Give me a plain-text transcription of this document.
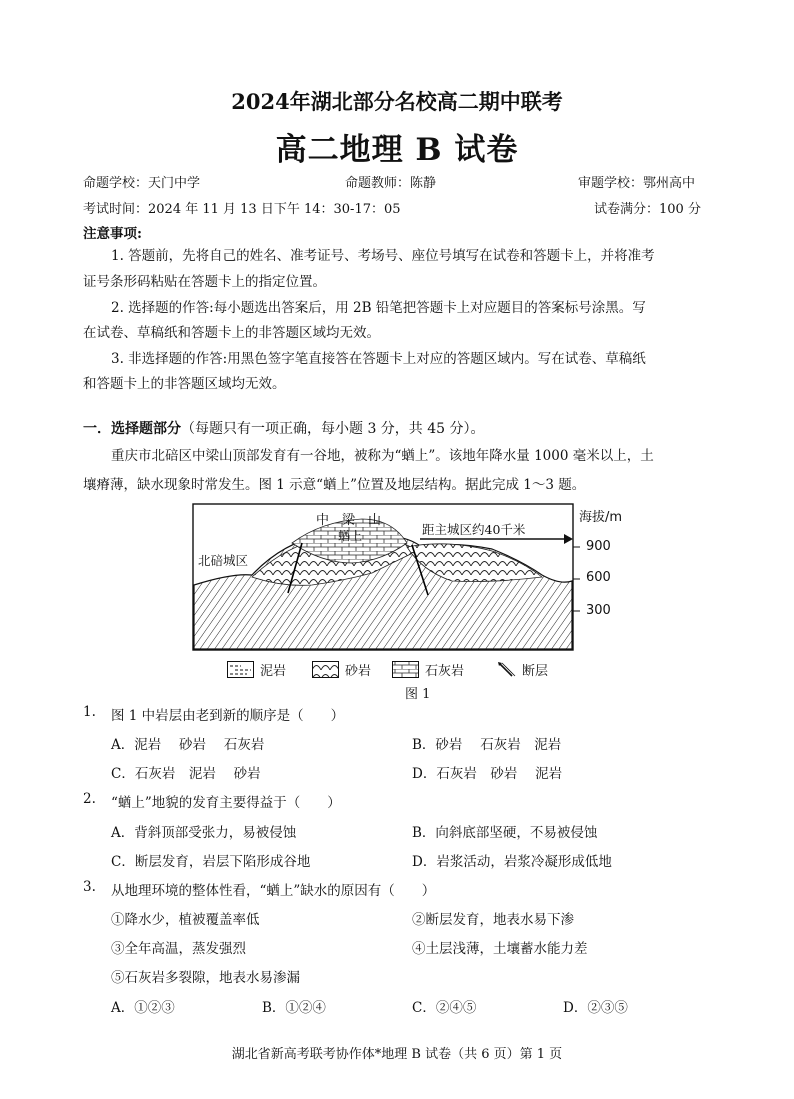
2024年湖北部分名校高二期中联考
高二地理 B 试卷
命题学校：天门中学	命题教师：陈静	审题学校：鄂州高中
考试时间：2024 年 11 月 13 日下午 14：30-17：05	试卷满分：100 分
注意事项:
1. 答题前，先将自己的姓名、准考证号、考场号、座位号填写在试卷和答题卡上，并将准考
证号条形码粘贴在答题卡上的指定位置。
2. 选择题的作答:每小题选出答案后，用 2B 铅笔把答题卡上对应题目的答案标号涂黑。写
在试卷、草稿纸和答题卡上的非答题区域均无效。
3. 非选择题的作答:用黑色签字笔直接答在答题卡上对应的答题区域内。写在试卷、草稿纸
和答题卡上的非答题区域均无效。
一．选择题部分（每题只有一项正确，每小题 3 分，共 45 分）。
重庆市北碚区中梁山顶部发育有一谷地，被称为“蝤上”。该地年降水量 1000 毫米以上，土
壤瘠薄，缺水现象时常发生。图 1 示意“蝤上”位置及地层结构。据此完成 1～3 题。
中　梁　山
蝤上	距主城区约40千米
北碚城区
海拔/m
900
600
300
泥岩	砂岩	石灰岩	断层
图 1
1. 图 1 中岩层由老到新的顺序是（　　）
A．泥岩　 砂岩　 石灰岩	B．砂岩　 石灰岩　泥岩
C．石灰岩　泥岩　 砂岩	D．石灰岩　砂岩　 泥岩
2. “蝤上”地貌的发育主要得益于（　　）
A．背斜顶部受张力，易被侵蚀	B．向斜底部坚硬，不易被侵蚀
C．断层发育，岩层下陷形成谷地	D．岩浆活动，岩浆冷凝形成低地
3. 从地理环境的整体性看，“蝤上”缺水的原因有（　　）
①降水少，植被覆盖率低	②断层发育，地表水易下渗
③全年高温，蒸发强烈	④土层浅薄，土壤蓄水能力差
⑤石灰岩多裂隙，地表水易渗漏
A．①②③	B．①②④	C．②④⑤	D．②③⑤
湖北省新高考联考协作体*地理 B 试卷（共 6 页）第 1 页
